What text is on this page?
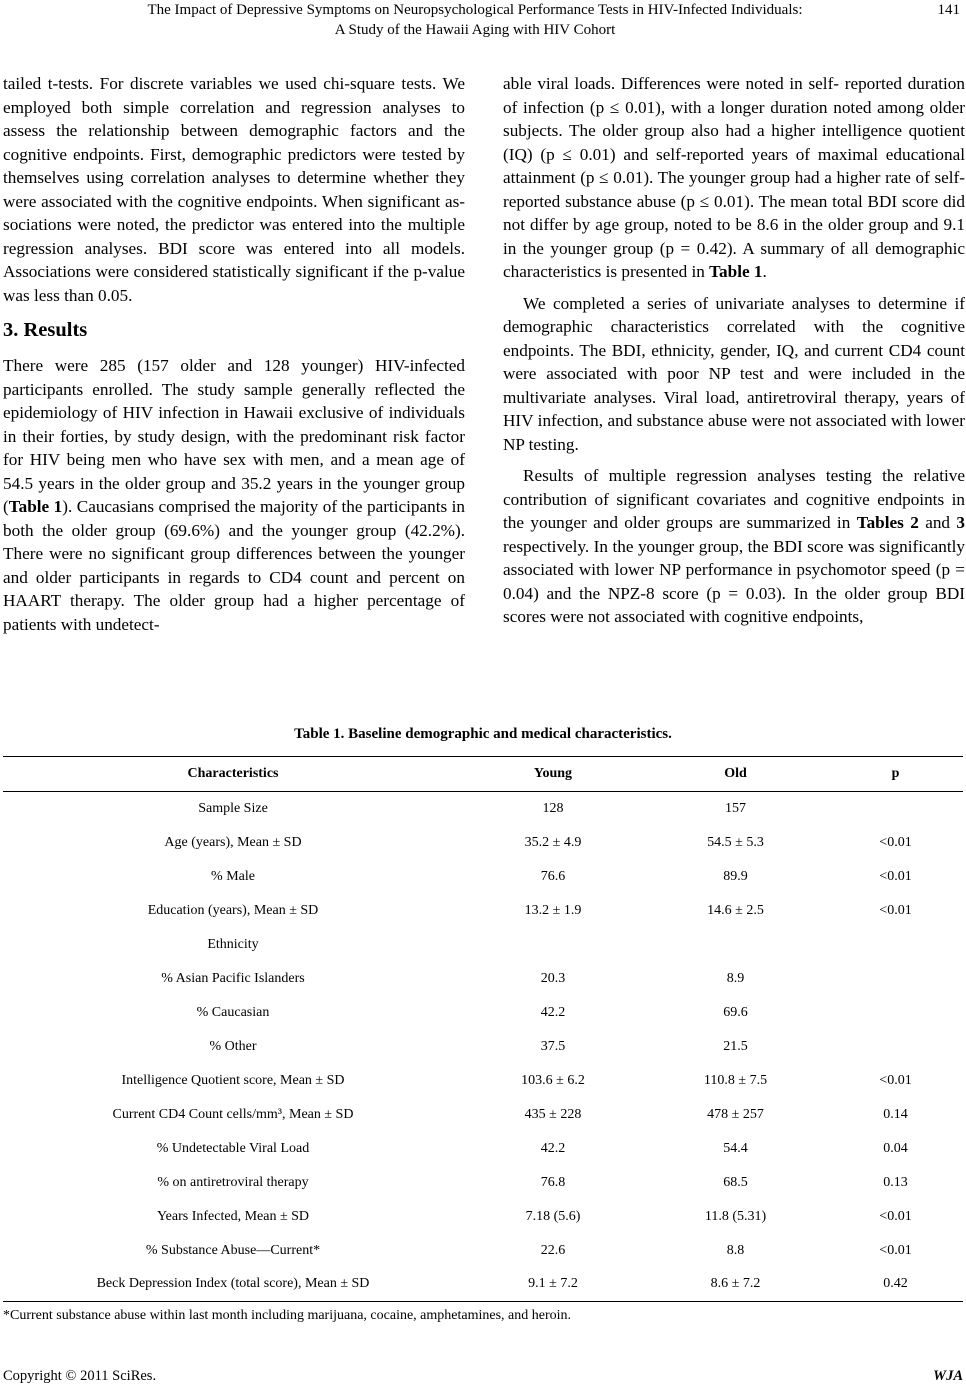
The Impact of Depressive Symptoms on Neuropsychological Performance Tests in HIV-Infected Individuals:
A Study of the Hawaii Aging with HIV Cohort
141

tailed t-tests. For discrete variables we used chi-square tests. We employed both simple correlation and regression analyses to assess the relationship between demographic factors and the cognitive endpoints. First, demographic predictors were tested by themselves using correlation analyses to determine whether they were associated with the cognitive endpoints. When significant associations were noted, the predictor was entered into the multiple regression analyses. BDI score was entered into all models. Associations were considered statistically significant if the p-value was less than 0.05.

3. Results

There were 285 (157 older and 128 younger) HIV-infected participants enrolled. The study sample generally reflected the epidemiology of HIV infection in Hawaii exclusive of individuals in their forties, by study design, with the predominant risk factor for HIV being men who have sex with men, and a mean age of 54.5 years in the older group and 35.2 years in the younger group (Table 1). Caucasians comprised the majority of the participants in both the older group (69.6%) and the younger group (42.2%). There were no significant group differences between the younger and older participants in regards to CD4 count and percent on HAART therapy. The older group had a higher percentage of patients with undetect-

able viral loads. Differences were noted in self- reported duration of infection (p ≤ 0.01), with a longer duration noted among older subjects. The older group also had a higher intelligence quotient (IQ) (p ≤ 0.01) and self-reported years of maximal educational attainment (p ≤ 0.01). The younger group had a higher rate of self-reported substance abuse (p ≤ 0.01). The mean total BDI score did not differ by age group, noted to be 8.6 in the older group and 9.1 in the younger group (p = 0.42). A summary of all demographic characteristics is presented in Table 1.

We completed a series of univariate analyses to determine if demographic characteristics correlated with the cognitive endpoints. The BDI, ethnicity, gender, IQ, and current CD4 count were associated with poor NP test and were included in the multivariate analyses. Viral load, antiretroviral therapy, years of HIV infection, and substance abuse were not associated with lower NP testing.

Results of multiple regression analyses testing the relative contribution of significant covariates and cognitive endpoints in the younger and older groups are summarized in Tables 2 and 3 respectively. In the younger group, the BDI score was significantly associated with lower NP performance in psychomotor speed (p = 0.04) and the NPZ-8 score (p = 0.03). In the older group BDI scores were not associated with cognitive endpoints,

Table 1. Baseline demographic and medical characteristics.
Characteristics	Young	Old	p
Sample Size	128	157	
Age (years), Mean ± SD	35.2 ± 4.9	54.5 ± 5.3	<0.01
% Male	76.6	89.9	<0.01
Education (years), Mean ± SD	13.2 ± 1.9	14.6 ± 2.5	<0.01
Ethnicity			
% Asian Pacific Islanders	20.3	8.9	
% Caucasian	42.2	69.6	
% Other	37.5	21.5	
Intelligence Quotient score, Mean ± SD	103.6 ± 6.2	110.8 ± 7.5	<0.01
Current CD4 Count cells/mm³, Mean ± SD	435 ± 228	478 ± 257	0.14
% Undetectable Viral Load	42.2	54.4	0.04
% on antiretroviral therapy	76.8	68.5	0.13
Years Infected, Mean ± SD	7.18 (5.6)	11.8 (5.31)	<0.01
% Substance Abuse—Current*	22.6	8.8	<0.01
Beck Depression Index (total score), Mean ± SD	9.1 ± 7.2	8.6 ± 7.2	0.42
*Current substance abuse within last month including marijuana, cocaine, amphetamines, and heroin.
Copyright © 2011 SciRes.	WJA
